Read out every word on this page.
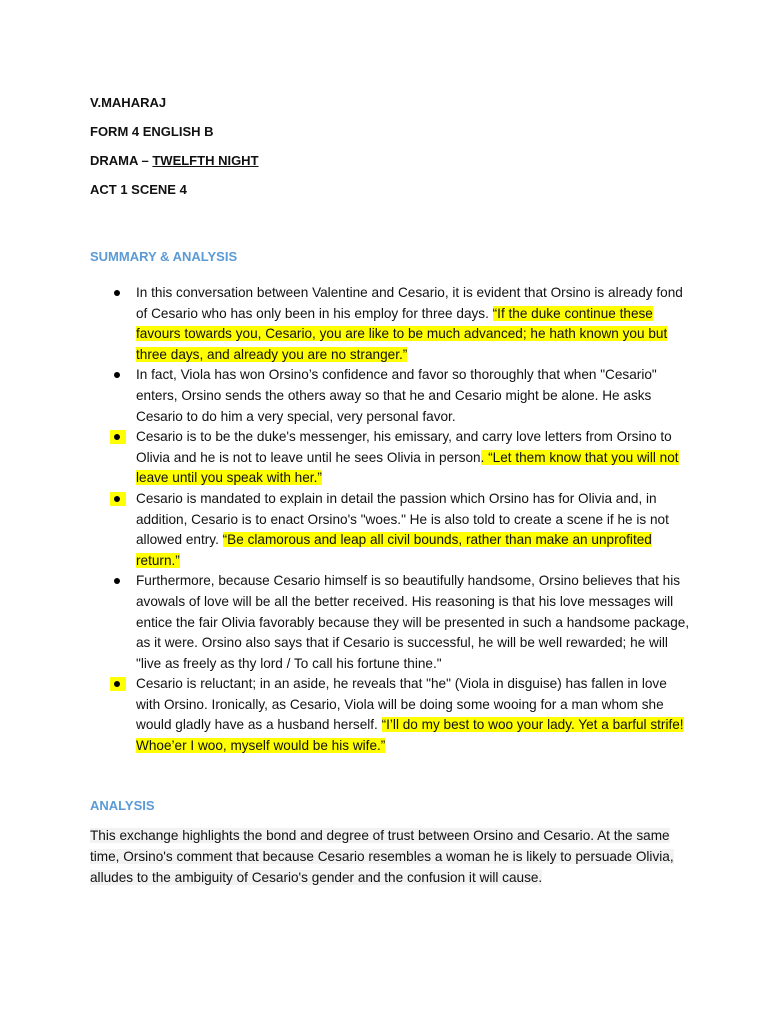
V.MAHARAJ
FORM 4 ENGLISH B
DRAMA – TWELFTH NIGHT
ACT 1 SCENE 4
SUMMARY & ANALYSIS
In this conversation between Valentine and Cesario, it is evident that Orsino is already fond of Cesario who has only been in his employ for three days. “If the duke continue these favours towards you, Cesario, you are like to be much advanced; he hath known you but three days, and already you are no stranger.”
In fact, Viola has won Orsino’s confidence and favor so thoroughly that when "Cesario" enters, Orsino sends the others away so that he and Cesario might be alone. He asks Cesario to do him a very special, very personal favor.
Cesario is to be the duke's messenger, his emissary, and carry love letters from Orsino to Olivia and he is not to leave until he sees Olivia in person. “Let them know that you will not leave until you speak with her.”
Cesario is mandated to explain in detail the passion which Orsino has for Olivia and, in addition, Cesario is to enact Orsino's "woes." He is also told to create a scene if he is not allowed entry. “Be clamorous and leap all civil bounds, rather than make an unprofited return.”
Furthermore, because Cesario himself is so beautifully handsome, Orsino believes that his avowals of love will be all the better received. His reasoning is that his love messages will entice the fair Olivia favorably because they will be presented in such a handsome package, as it were. Orsino also says that if Cesario is successful, he will be well rewarded; he will "live as freely as thy lord / To call his fortune thine."
Cesario is reluctant; in an aside, he reveals that "he" (Viola in disguise) has fallen in love with Orsino. Ironically, as Cesario, Viola will be doing some wooing for a man whom she would gladly have as a husband herself. “I’ll do my best to woo your lady. Yet a barful strife! Whoe’er I woo, myself would be his wife.”
ANALYSIS
This exchange highlights the bond and degree of trust between Orsino and Cesario. At the same time, Orsino's comment that because Cesario resembles a woman he is likely to persuade Olivia, alludes to the ambiguity of Cesario's gender and the confusion it will cause.
